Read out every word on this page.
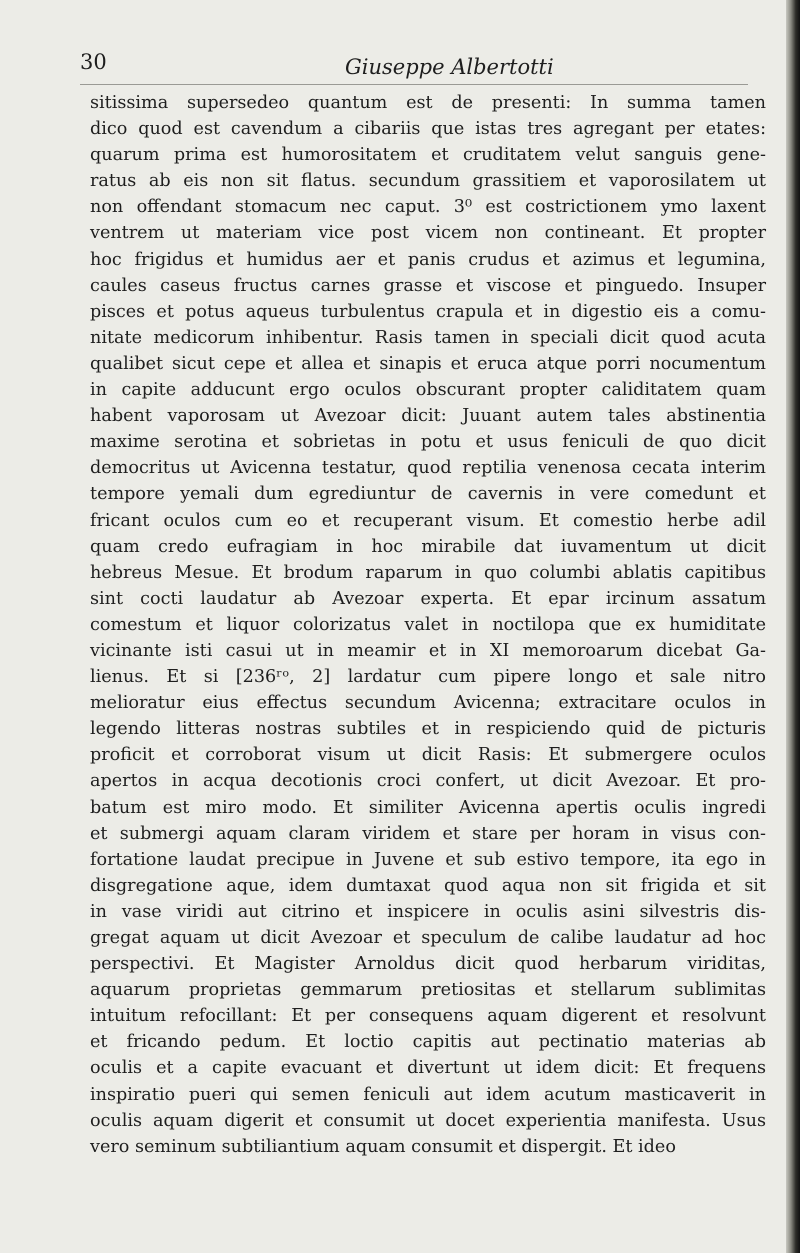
30	Giuseppe Albertotti
sitissima supersedeo quantum est de presenti: In summa tamen
dico quod est cavendum a cibariis que istas tres agregant per etates:
quarum prima est humorositatem et cruditatem velut sanguis gene-
ratus ab eis non sit flatus. secundum grassitiem et vaporosilatem ut
non offendant stomacum nec caput. 3⁰ est costrictionem ymo laxent
ventrem ut materiam vice post vicem non contineant. Et propter
hoc frigidus et humidus aer et panis crudus et azimus et legumina,
caules caseus fructus carnes grasse et viscose et pinguedo. Insuper
pisces et potus aqueus turbulentus crapula et in digestio eis a comu-
nitate medicorum inhibentur. Rasis tamen in speciali dicit quod acuta
qualibet sicut cepe et allea et sinapis et eruca atque porri nocumentum
in capite adducunt ergo oculos obscurant propter caliditatem quam
habent vaporosam ut Avezoar dicit: Juuant autem tales abstinentia
maxime serotina et sobrietas in potu et usus feniculi de quo dicit
democritus ut Avicenna testatur, quod reptilia venenosa cecata interim
tempore yemali dum egrediuntur de cavernis in vere comedunt et
fricant oculos cum eo et recuperant visum. Et comestio herbe adil
quam credo eufragiam in hoc mirabile dat iuvamentum ut dicit
hebreus Mesue. Et brodum raparum in quo columbi ablatis capitibus
sint cocti laudatur ab Avezoar experta. Et epar ircinum assatum
comestum et liquor colorizatus valet in noctilopa que ex humiditate
vicinante isti casui ut in meamir et in XI memoroarum dicebat Ga-
lienus. Et si [236ʳᵒ, 2] lardatur cum pipere longo et sale nitro
melioratur eius effectus secundum Avicenna; extracitare oculos in
legendo litteras nostras subtiles et in respiciendo quid de picturis
proficit et corroborat visum ut dicit Rasis: Et submergere oculos
apertos in acqua decotionis croci confert, ut dicit Avezoar. Et pro-
batum est miro modo. Et similiter Avicenna apertis oculis ingredi
et submergi aquam claram viridem et stare per horam in visus con-
fortatione laudat precipue in Juvene et sub estivo tempore, ita ego in
disgregatione aque, idem dumtaxat quod aqua non sit frigida et sit
in vase viridi aut citrino et inspicere in oculis asini silvestris dis-
gregat aquam ut dicit Avezoar et speculum de calibe laudatur ad hoc
perspectivi. Et Magister Arnoldus dicit quod herbarum viriditas,
aquarum proprietas gemmarum pretiositas et stellarum sublimitas
intuitum refocillant: Et per consequens aquam digerent et resolvunt
et fricando pedum. Et loctio capitis aut pectinatio materias ab
oculis et a capite evacuant et divertunt ut idem dicit: Et frequens
inspiratio pueri qui semen feniculi aut idem acutum masticaverit in
oculis aquam digerit et consumit ut docet experientia manifesta. Usus
vero seminum subtiliantium aquam consumit et dispergit. Et ideo
